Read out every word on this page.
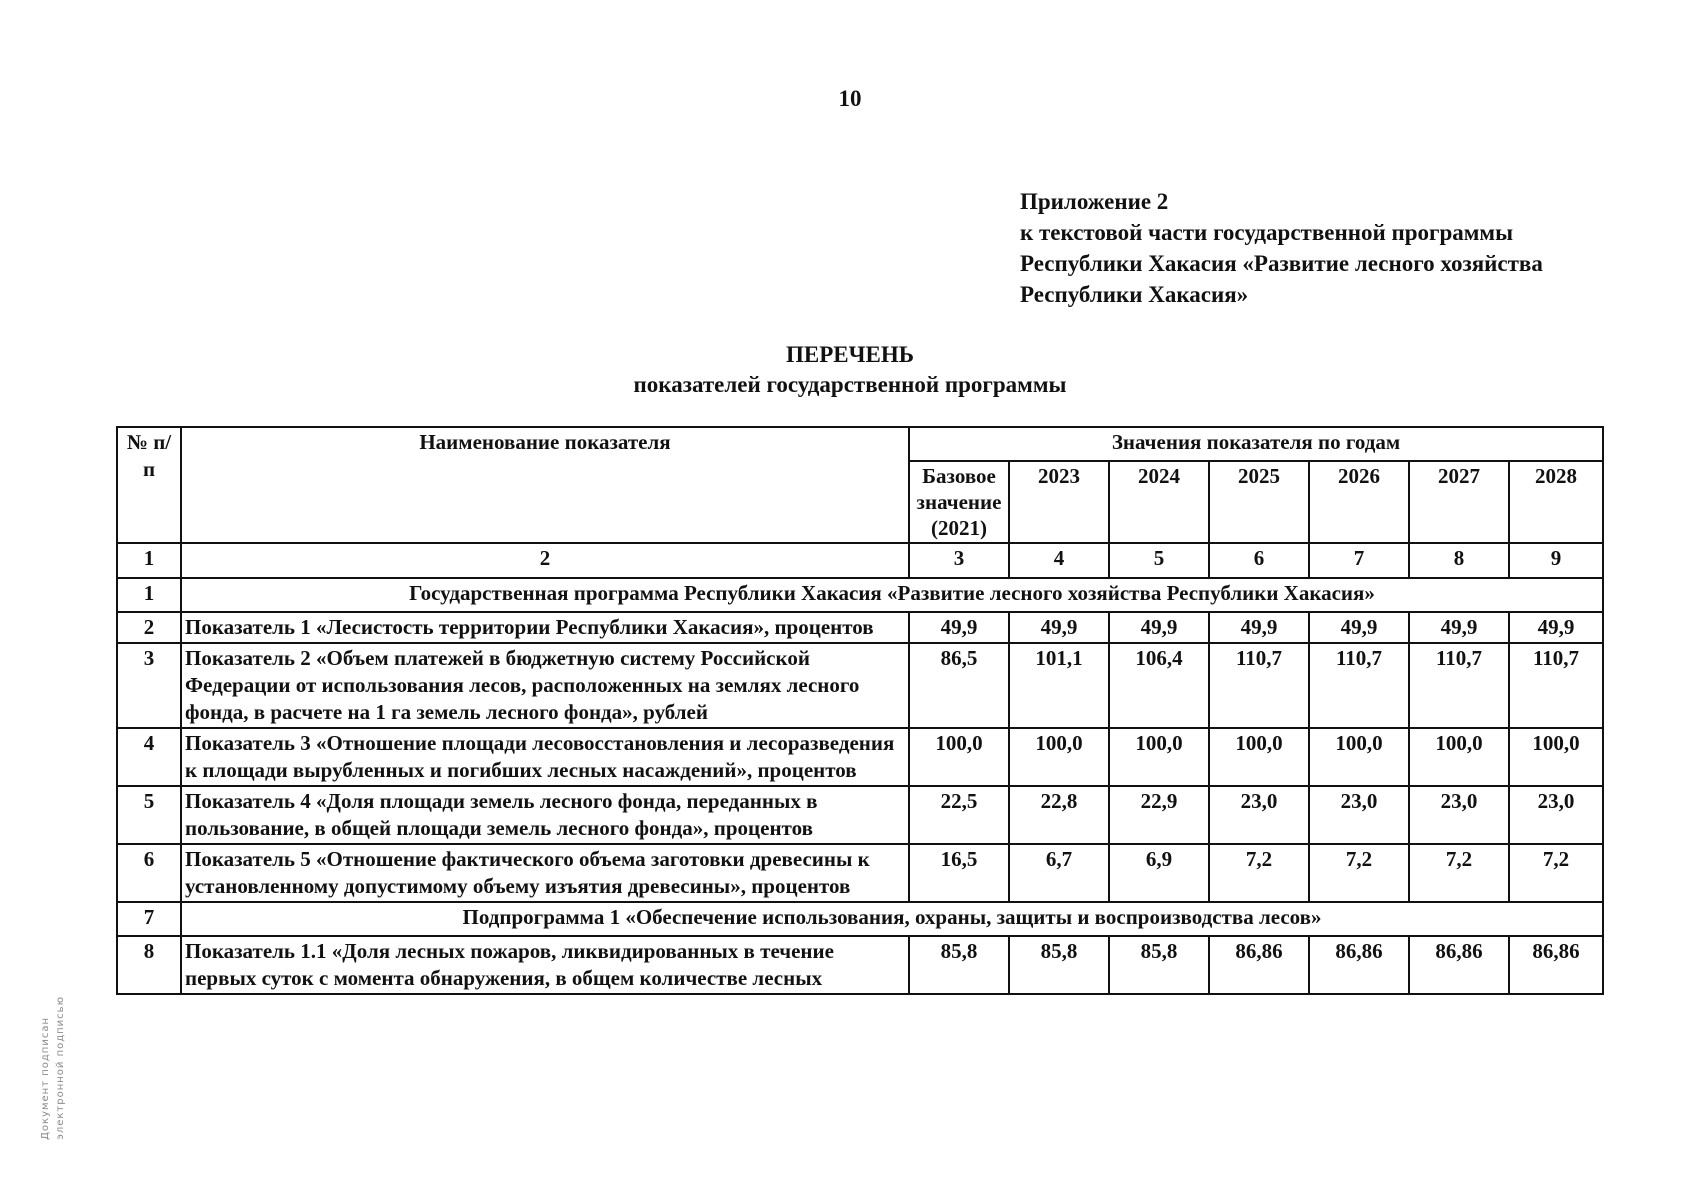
10
Приложение 2
к текстовой части государственной программы
Республики Хакасия «Развитие лесного хозяйства
Республики Хакасия»
ПЕРЕЧЕНЬ
показателей государственной программы
№ п/п	Наименование показателя	Значения показателя по годам						
		Базовое значение (2021)	2023	2024	2025	2026	2027	2028
1	2	3	4	5	6	7	8	9
1	Государственная программа Республики Хакасия «Развитие лесного хозяйства Республики Хакасия»							
2	Показатель 1 «Лесистость территории Республики Хакасия», процентов	49,9	49,9	49,9	49,9	49,9	49,9	49,9
3	Показатель 2 «Объем платежей в бюджетную систему Российской Федерации от использования лесов, расположенных на землях лесного фонда, в расчете на 1 га земель лесного фонда», рублей	86,5	101,1	106,4	110,7	110,7	110,7	110,7
4	Показатель 3 «Отношение площади лесовосстановления и лесоразведения к площади вырубленных и погибших лесных насаждений», процентов	100,0	100,0	100,0	100,0	100,0	100,0	100,0
5	Показатель 4 «Доля площади земель лесного фонда, переданных в пользование, в общей площади земель лесного фонда», процентов	22,5	22,8	22,9	23,0	23,0	23,0	23,0
6	Показатель 5 «Отношение фактического объема заготовки древесины к установленному допустимому объему изъятия древесины», процентов	16,5	6,7	6,9	7,2	7,2	7,2	7,2
7	Подпрограмма 1 «Обеспечение использования, охраны, защиты и воспроизводства лесов»							
8	Показатель 1.1 «Доля лесных пожаров, ликвидированных в течение первых суток с момента обнаружения, в общем количестве лесных	85,8	85,8	85,8	86,86	86,86	86,86	86,86
Документ подписан электронной подписью
